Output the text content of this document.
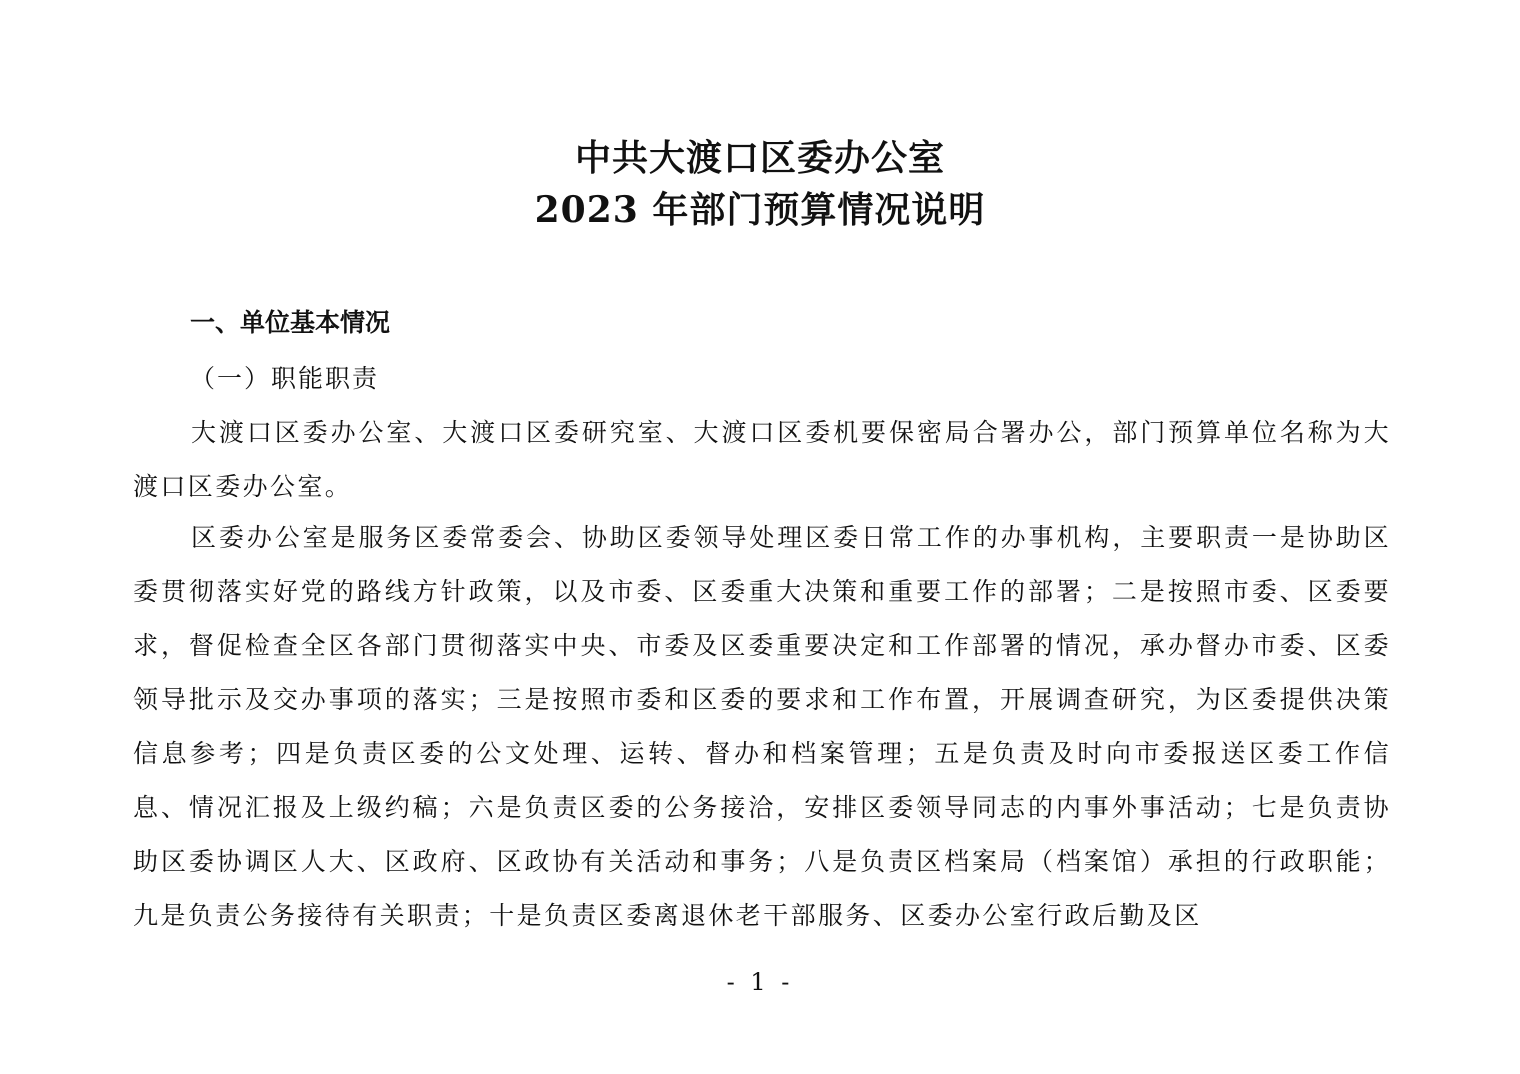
中共大渡口区委办公室
2023 年部门预算情况说明
一、单位基本情况
（一）职能职责
大渡口区委办公室、大渡口区委研究室、大渡口区委机要保密局合署办公，部门预算单位名称为大渡口区委办公室。
区委办公室是服务区委常委会、协助区委领导处理区委日常工作的办事机构，主要职责一是协助区委贯彻落实好党的路线方针政策，以及市委、区委重大决策和重要工作的部署；二是按照市委、区委要求，督促检查全区各部门贯彻落实中央、市委及区委重要决定和工作部署的情况，承办督办市委、区委领导批示及交办事项的落实；三是按照市委和区委的要求和工作布置，开展调查研究，为区委提供决策信息参考；四是负责区委的公文处理、运转、督办和档案管理；五是负责及时向市委报送区委工作信息、情况汇报及上级约稿；六是负责区委的公务接洽，安排区委领导同志的内事外事活动；七是负责协助区委协调区人大、区政府、区政协有关活动和事务；八是负责区档案局（档案馆）承担的行政职能；九是负责公务接待有关职责；十是负责区委离退休老干部服务、区委办公室行政后勤及区
- 1 -
